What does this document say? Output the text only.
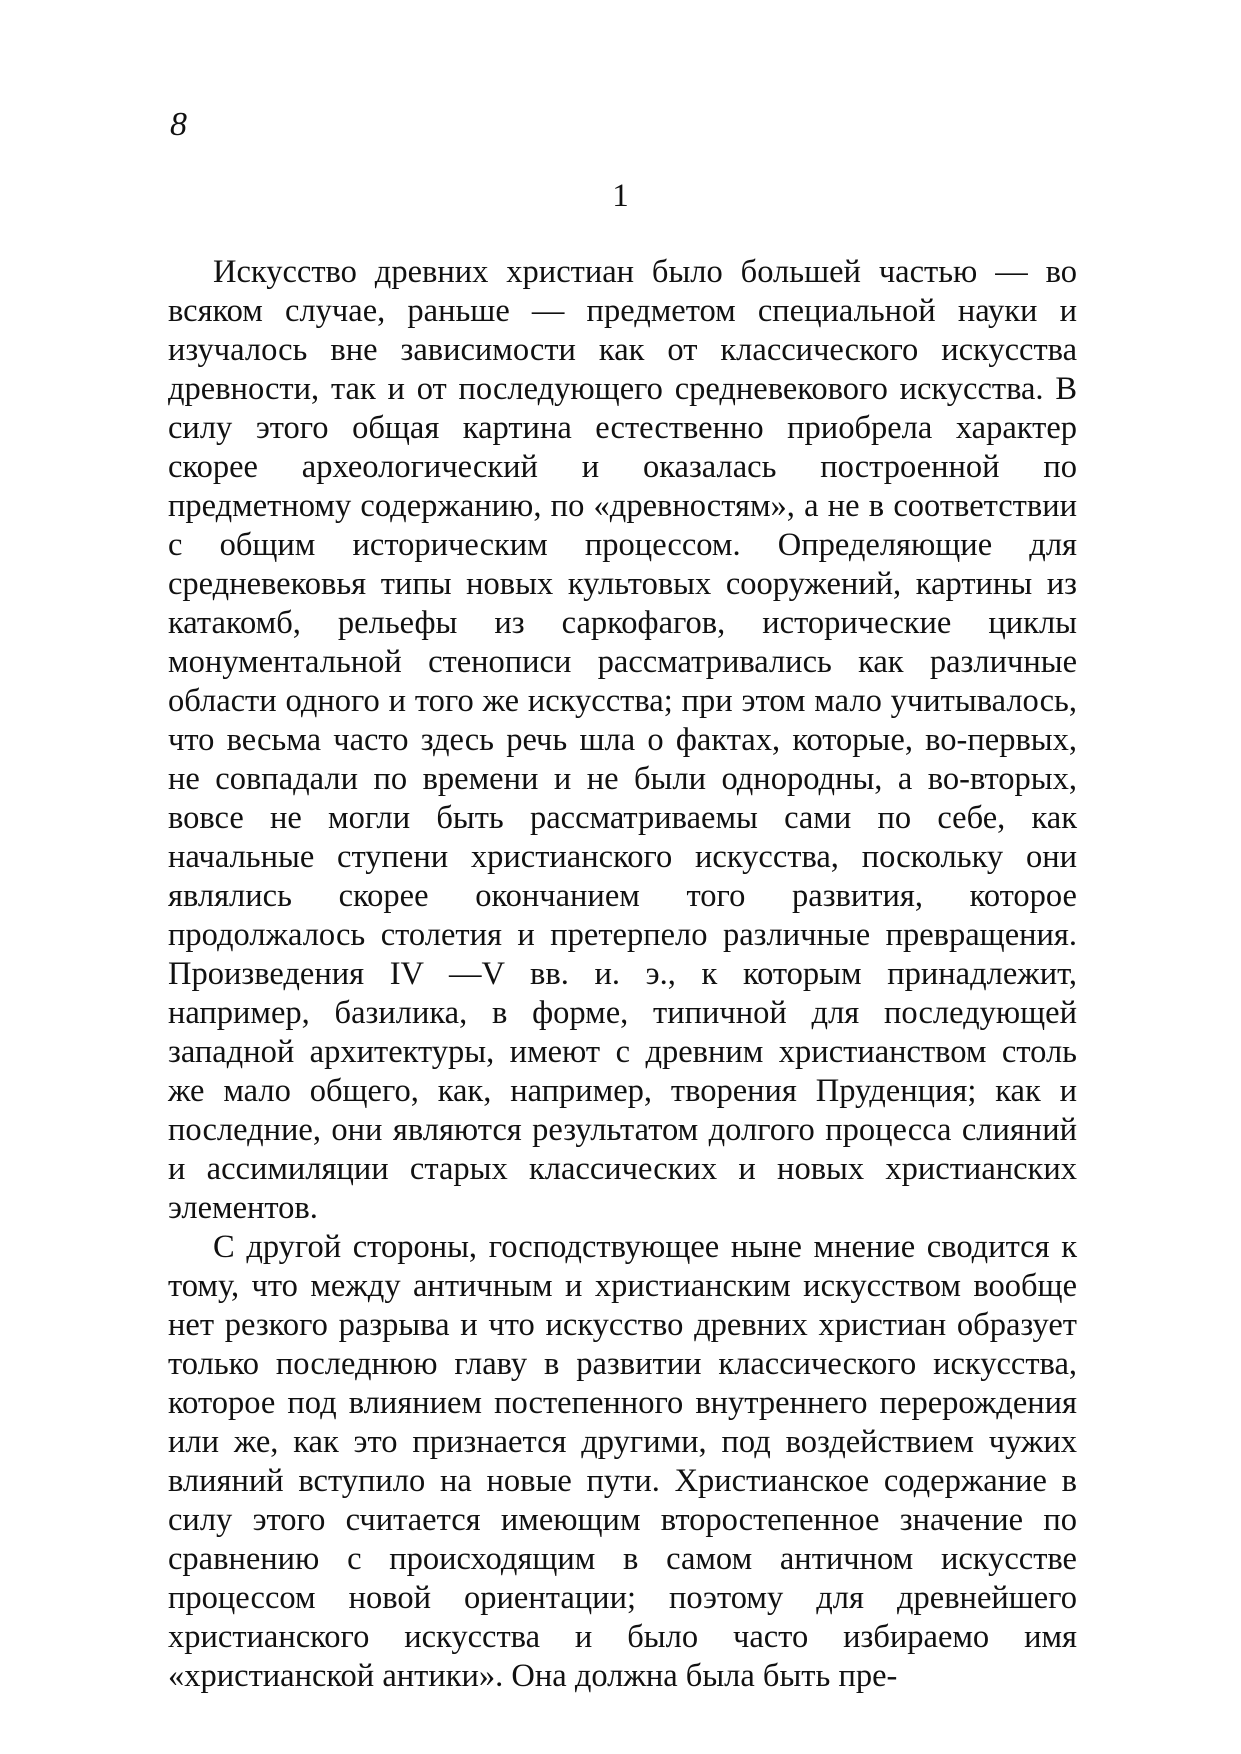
8
1

Искусство древних христиан было большей частью — во всяком случае, раньше — предметом специальной науки и изучалось вне зависимости как от классического искусства древности, так и от последующего средневекового искусства. В силу этого общая картина естественно приобрела характер скорее археологический и оказалась построенной по предметному содержанию, по «древностям», а не в соответствии с общим историческим процессом. Определяющие для средневековья типы новых культовых сооружений, картины из катакомб, рельефы из саркофагов, исторические циклы монументальной стенописи рассматривались как различные области одного и того же искусства; при этом мало учитывалось, что весьма часто здесь речь шла о фактах, которые, во-первых, не совпадали по времени и не были однородны, а во-вторых, вовсе не могли быть рассматриваемы сами по себе, как начальные ступени христианского искусства, поскольку они являлись скорее окончанием того развития, которое продолжалось столетия и претерпело различные превращения. Произведения IV —V вв. и. э., к которым принадлежит, например, базилика, в форме, типичной для последующей западной архитектуры, имеют с древним христианством столь же мало общего, как, например, творения Пруденция; как и последние, они являются результатом долгого процесса слияний и ассимиляции старых классических и новых христианских элементов.

С другой стороны, господствующее ныне мнение сводится к тому, что между античным и христианским искусством вообще нет резкого разрыва и что искусство древних христиан образует только последнюю главу в развитии классического искусства, которое под влиянием постепенного внутреннего перерождения или же, как это признается другими, под воздействием чужих влияний вступило на новые пути. Христианское содержание в силу этого считается имеющим второстепенное значение по сравнению с происходящим в самом античном искусстве процессом новой ориентации; поэтому для древнейшего христианского искусства и было часто избираемо имя «христианской антики». Она должна была быть пре-
